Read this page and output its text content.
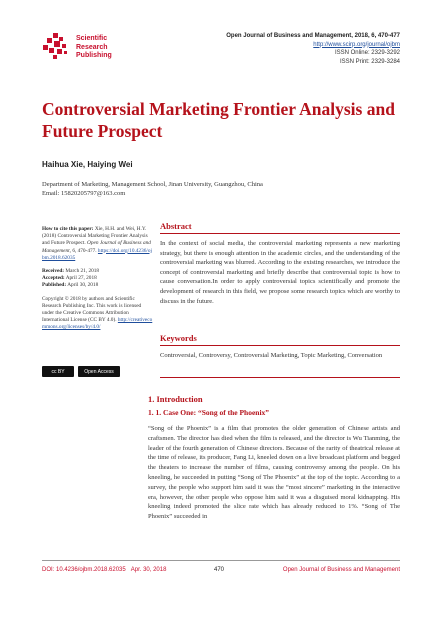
Scientific
Research
Publishing
Open Journal of Business and Management, 2018, 6, 470-477
http://www.scirp.org/journal/ojbm
ISSN Online: 2329-3292
ISSN Print: 2329-3284
Controversial Marketing Frontier Analysis and Future Prospect
Haihua Xie, Haiying Wei
Department of Marketing, Management School, Jinan University, Guangzhou, China
Email: 15820205797@163.com

How to cite this paper: Xie, H.H. and Wei, H.Y. (2018) Controversial Marketing Frontier Analysis and Future Prospect. Open Journal of Business and Management, 6, 470-477. https://doi.org/10.4236/ojbm.2018.62035

Received: March 21, 2018
Accepted: April 27, 2018
Published: April 30, 2018

Copyright © 2018 by authors and Scientific Research Publishing Inc. This work is licensed under the Creative Commons Attribution International License (CC BY 4.0). http://creativecommons.org/licenses/by/4.0/

cc BY	Open Access
Abstract

In the context of social media, the controversial marketing represents a new marketing strategy, but there is enough attention in the academic circles, and the understanding of the controversial marketing was blurred. According to the existing researches, we introduce the concept of controversial marketing and briefly describe that controversial topic is how to cause conversation.In order to apply controversial topics scientifically and promote the development of research in this field, we propose some research topics which are worthy to discuss in the future.

Keywords

Controversial, Controversy, Controversial Marketing, Topic Marketing, Conversation

1. Introduction
1. 1. Case One: “Song of the Phoenix”

“Song of the Phoenix” is a film that promotes the older generation of Chinese artists and craftsmen. The director has died when the film is released, and the director is Wu Tianming, the leader of the fourth generation of Chinese directors. Because of the rarity of theatrical release at the time of release, its producer, Fang Li, kneeled down on a live broadcast platform and begged the theaters to increase the number of films, causing controversy among the people. On his kneeling, he succeeded in putting “Song of The Phoenix” at the top of the topic. According to a survey, the people who support him said it was the “most sincere” marketing in the interactive era, however, the other people who oppose him said it was a disguised moral kidnapping. His kneeling indeed promoted the slice rate which has already reduced to 1%. “Song of The Phoenix” succeeded in

DOI: 10.4236/ojbm.2018.62035 Apr. 30, 2018	470	Open Journal of Business and Management
